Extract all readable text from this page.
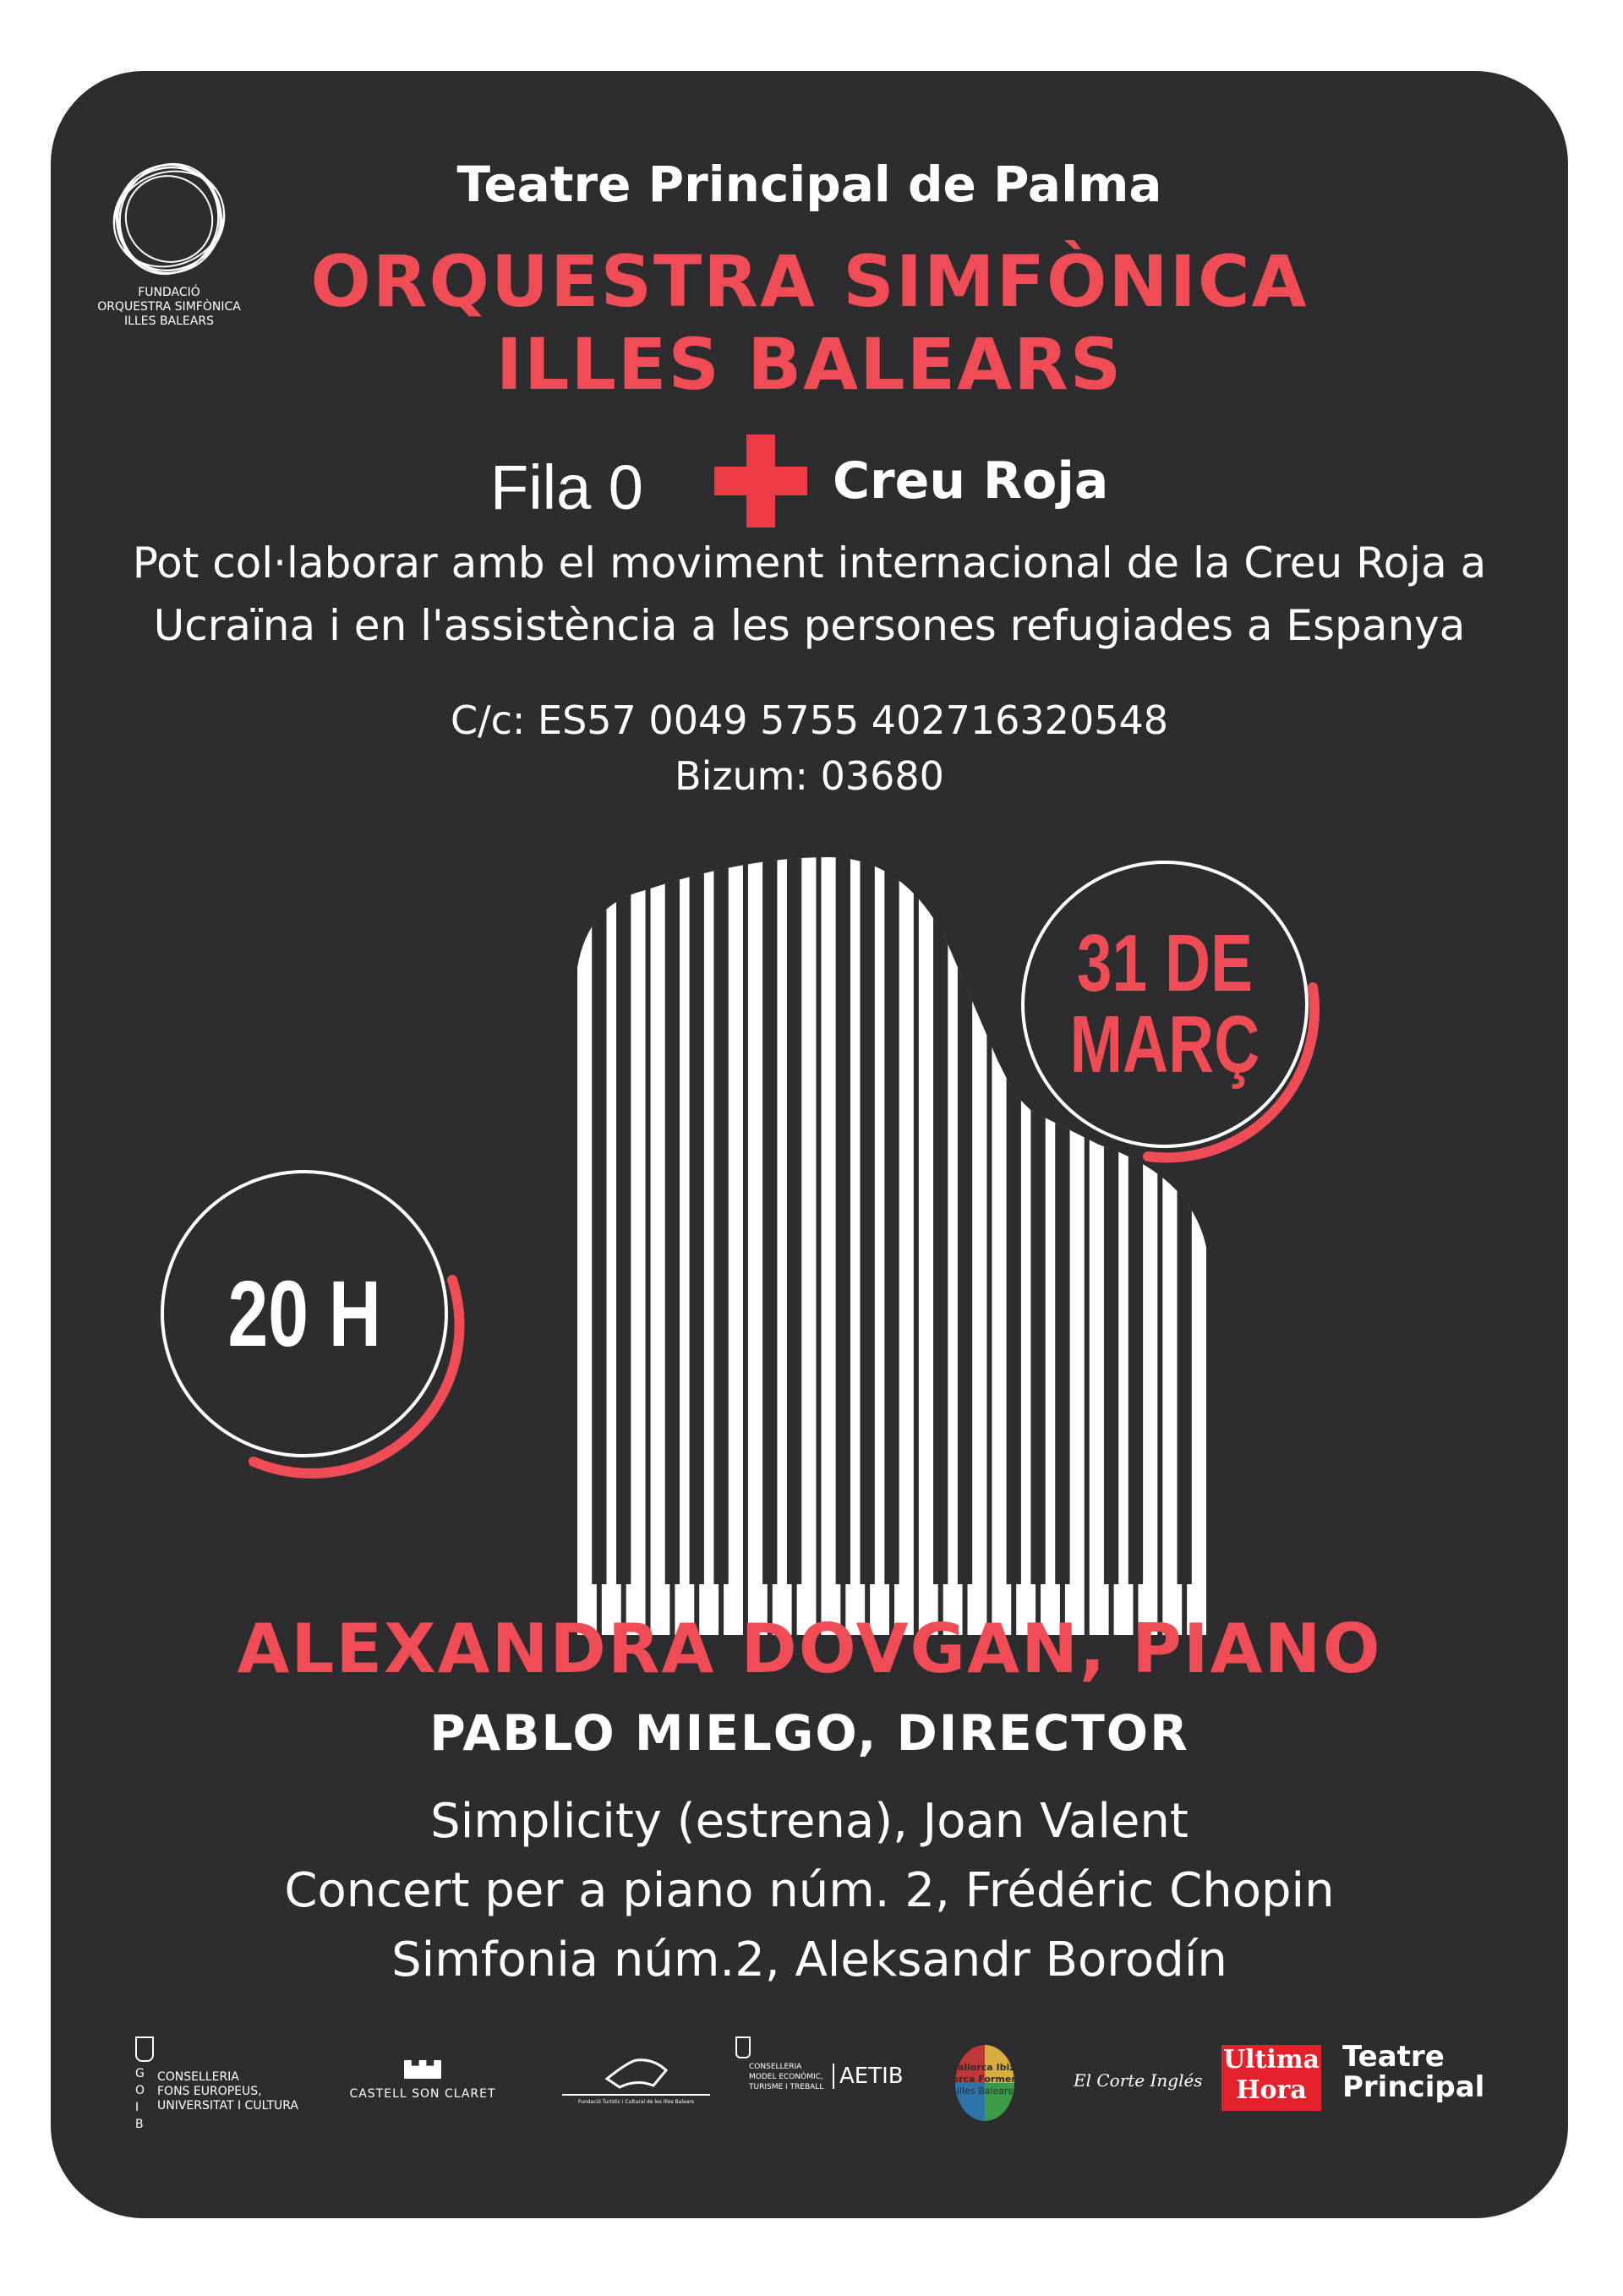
FUNDACIÓ
ORQUESTRA SIMFÒNICA
ILLES BALEARS
Teatre Principal de Palma
ORQUESTRA SIMFÒNICA
ILLES BALEARS
Fila 0	Creu Roja
Pot col·laborar amb el moviment internacional de la Creu Roja a
Ucraïna i en l'assistència a les persones refugiades a Espanya
C/c: ES57 0049 5755 402716320548
Bizum: 03680
31 DE
MARÇ
20 H
ALEXANDRA DOVGAN, PIANO
PABLO MIELGO, DIRECTOR
Simplicity (estrena), Joan Valent
Concert per a piano núm. 2, Frédéric Chopin
Simfonia núm.2, Aleksandr Borodín
G O I B
CONSELLERIA
FONS EUROPEUS,
UNIVERSITAT I CULTURA
CASTELL SON CLARET
Fundació Turístic i Cultural de les Illes Balears
CONSELLERIA
MODEL ECONÒMIC,
TURISME I TREBALL AETIB	Mallorca Ibiza
Menorca Formentera
Illes Balears
El Corte Inglés
Ultima
Hora
Teatre
Principal
